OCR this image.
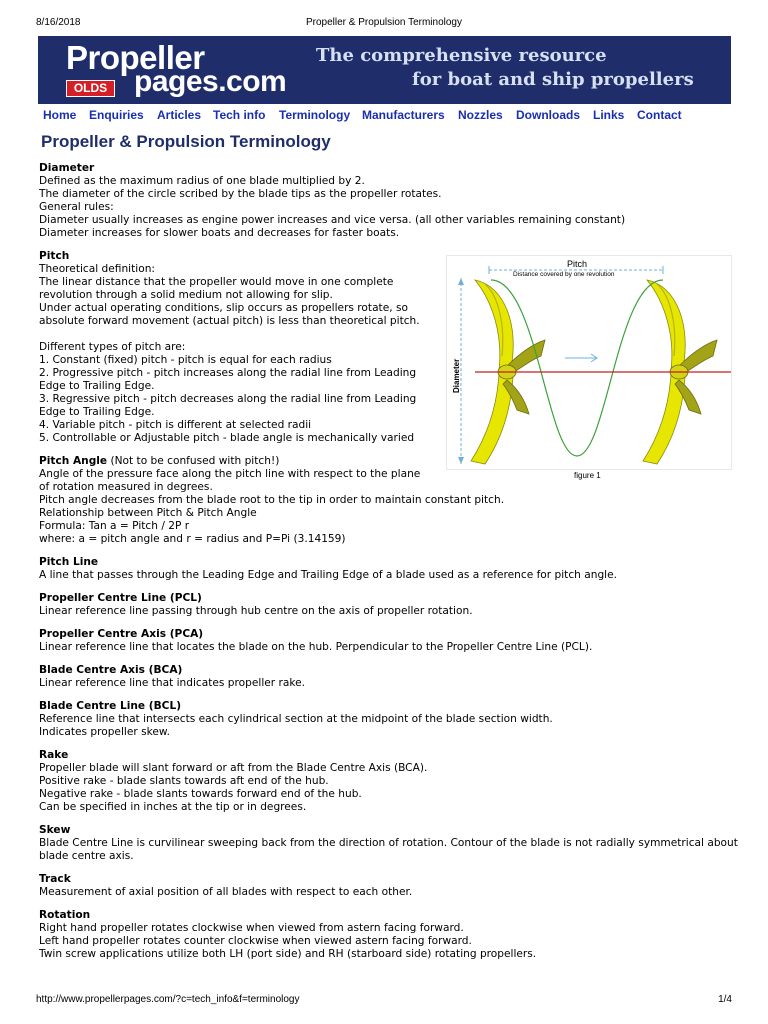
8/16/2018	Propeller & Propulsion Terminology
Propeller
OLDS pages.com
The comprehensive resource
for boat and ship propellers
Home Enquiries Articles Tech info Terminology Manufacturers Nozzles Downloads Links Contact
Propeller & Propulsion Terminology
Diameter
Defined as the maximum radius of one blade multiplied by 2.
The diameter of the circle scribed by the blade tips as the propeller rotates.
General rules:
Diameter usually increases as engine power increases and vice versa. (all other variables remaining constant)
Diameter increases for slower boats and decreases for faster boats.
Pitch
Theoretical definition:
The linear distance that the propeller would move in one complete
revolution through a solid medium not allowing for slip.
Under actual operating conditions, slip occurs as propellers rotate, so
absolute forward movement (actual pitch) is less than theoretical pitch.
Different types of pitch are:
1. Constant (fixed) pitch - pitch is equal for each radius
2. Progressive pitch - pitch increases along the radial line from Leading
Edge to Trailing Edge.
3. Regressive pitch - pitch decreases along the radial line from Leading
Edge to Trailing Edge.
4. Variable pitch - pitch is different at selected radii
5. Controllable or Adjustable pitch - blade angle is mechanically varied
Pitch Angle (Not to be confused with pitch!)
Angle of the pressure face along the pitch line with respect to the plane
of rotation measured in degrees.
Pitch angle decreases from the blade root to the tip in order to maintain constant pitch.
Relationship between Pitch & Pitch Angle
Formula: Tan a = Pitch / 2P r
where: a = pitch angle and r = radius and P=Pi (3.14159)
Pitch Line
A line that passes through the Leading Edge and Trailing Edge of a blade used as a reference for pitch angle.
Propeller Centre Line (PCL)
Linear reference line passing through hub centre on the axis of propeller rotation.
Propeller Centre Axis (PCA)
Linear reference line that locates the blade on the hub. Perpendicular to the Propeller Centre Line (PCL).
Blade Centre Axis (BCA)
Linear reference line that indicates propeller rake.
Blade Centre Line (BCL)
Reference line that intersects each cylindrical section at the midpoint of the blade section width.
Indicates propeller skew.
Rake
Propeller blade will slant forward or aft from the Blade Centre Axis (BCA).
Positive rake - blade slants towards aft end of the hub.
Negative rake - blade slants towards forward end of the hub.
Can be specified in inches at the tip or in degrees.
Skew
Blade Centre Line is curvilinear sweeping back from the direction of rotation. Contour of the blade is not radially symmetrical about blade centre axis.
Track
Measurement of axial position of all blades with respect to each other.
Rotation
Right hand propeller rotates clockwise when viewed from astern facing forward.
Left hand propeller rotates counter clockwise when viewed astern facing forward.
Twin screw applications utilize both LH (port side) and RH (starboard side) rotating propellers.
Pitch
Distance covered by one revolution
Diameter
figure 1
http://www.propellerpages.com/?c=tech_info&f=terminology	1/4
